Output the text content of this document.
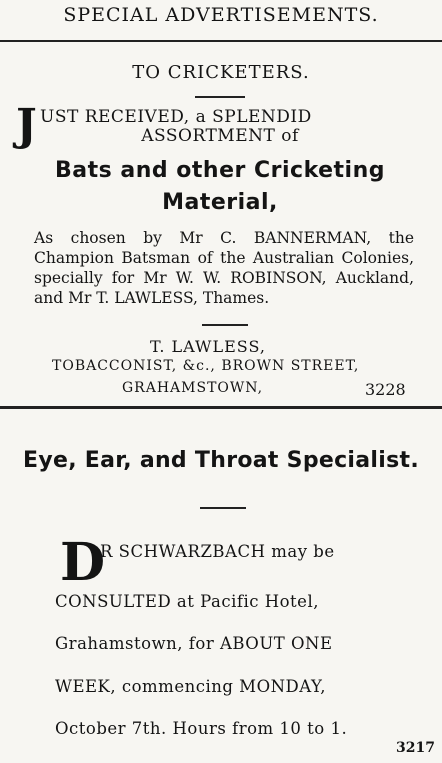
SPECIAL ADVERTISEMENTS.
TO CRICKETERS.
J UST RECEIVED, a SPLENDID
ASSORTMENT of
Bats and other Cricketing
Material,
As chosen by Mr C. BANNERMAN, the Champion Batsman of the Australian Colonies, specially for Mr W. W. ROBINSON, Auckland, and Mr T. LAWLESS, Thames.
T. LAWLESS,
TOBACCONIST, &c., BROWN STREET,
GRAHAMSTOWN,	3228
Eye, Ear, and Throat Specialist.
D
R SCHWARZBACH may be
CONSULTED at Pacific Hotel,
Grahamstown, for ABOUT ONE
WEEK, commencing MONDAY,
October 7th. Hours from 10 to 1.
3217
